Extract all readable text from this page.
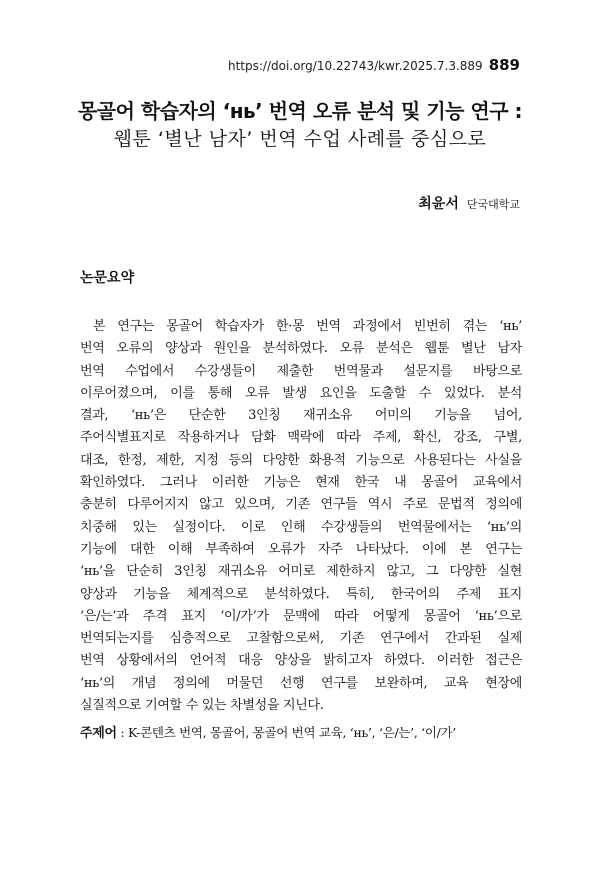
https://doi.org/10.22743/kwr.2025.7.3.889 889
몽골어 학습자의 ‘нь’ 번역 오류 분석 및 기능 연구 :
웹툰 ‘별난 남자’ 번역 수업 사례를 중심으로
최윤서 단국대학교
논문요약
본 연구는 몽골어 학습자가 한·몽 번역 과정에서 빈번히 겪는 ‘нь’
번역 오류의 양상과 원인을 분석하였다. 오류 분석은 웹툰 별난 남자
번역 수업에서 수강생들이 제출한 번역물과 설문지를 바탕으로
이루어졌으며, 이를 통해 오류 발생 요인을 도출할 수 있었다. 분석
결과, ‘нь’은 단순한 3인칭 재귀소유 어미의 기능을 넘어,
주어식별표지로 작용하거나 담화 맥락에 따라 주제, 확신, 강조, 구별,
대조, 한정, 제한, 지정 등의 다양한 화용적 기능으로 사용된다는 사실을
확인하였다. 그러나 이러한 기능은 현재 한국 내 몽골어 교육에서
충분히 다루어지지 않고 있으며, 기존 연구들 역시 주로 문법적 정의에
치중해 있는 실정이다. 이로 인해 수강생들의 번역물에서는 ‘нь’의
기능에 대한 이해 부족하여 오류가 자주 나타났다. 이에 본 연구는
‘нь’을 단순히 3인칭 재귀소유 어미로 제한하지 않고, 그 다양한 실현
양상과 기능을 체계적으로 분석하였다. 특히, 한국어의 주제 표지
‘은/는’과 주격 표지 ‘이/가’가 문맥에 따라 어떻게 몽골어 ‘нь’으로
번역되는지를 심층적으로 고찰함으로써, 기존 연구에서 간과된 실제
번역 상황에서의 언어적 대응 양상을 밝히고자 하였다. 이러한 접근은
‘нь’의 개념 정의에 머물던 선행 연구를 보완하며, 교육 현장에
실질적으로 기여할 수 있는 차별성을 지닌다.
주제어 : K-콘텐츠 번역, 몽골어, 몽골어 번역 교육, ‘нь’, ‘은/는’, ‘이/가’
